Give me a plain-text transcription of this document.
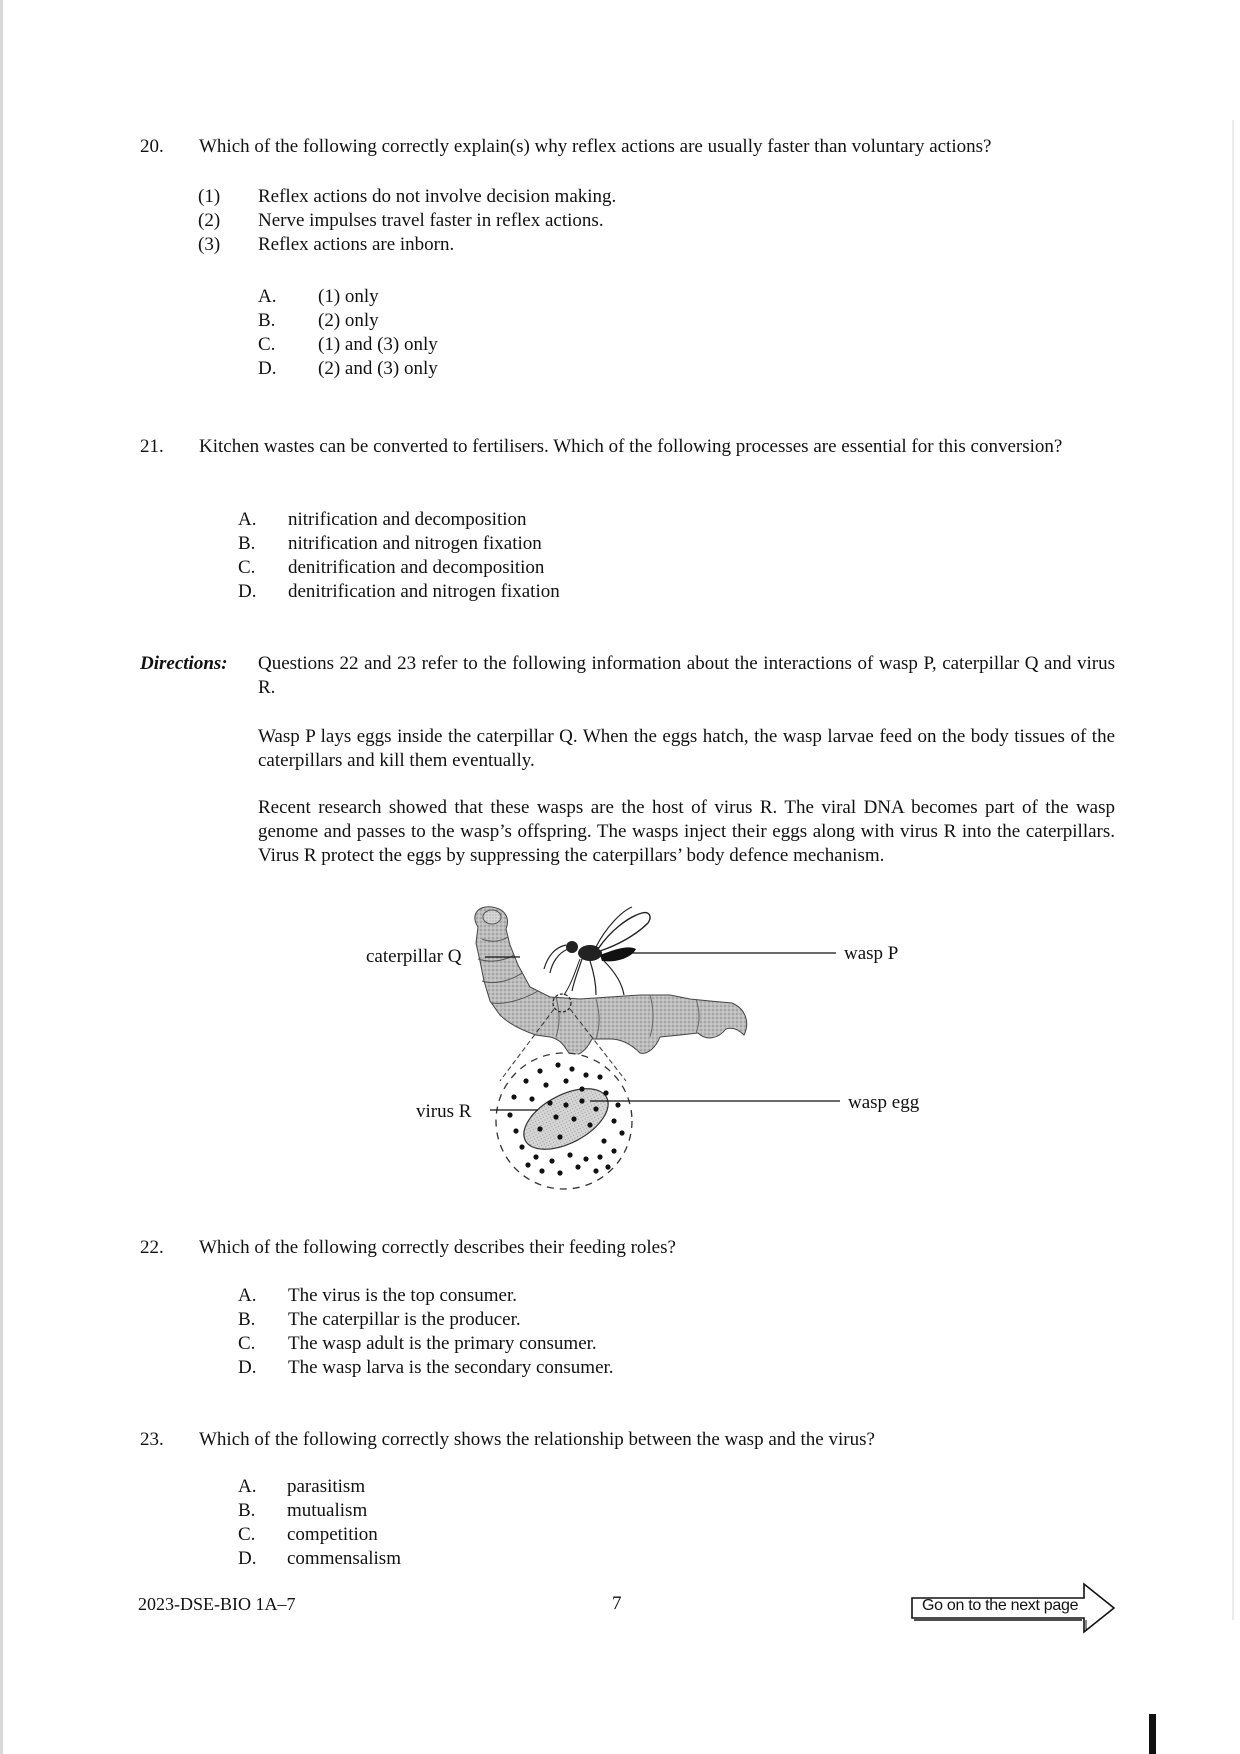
20. Which of the following correctly explain(s) why reflex actions are usually faster than voluntary actions?
(1) Reflex actions do not involve decision making.
(2) Nerve impulses travel faster in reflex actions.
(3) Reflex actions are inborn.
A. (1) only
B. (2) only
C. (1) and (3) only
D. (2) and (3) only
21. Kitchen wastes can be converted to fertilisers. Which of the following processes are essential for this conversion?
A. nitrification and decomposition
B. nitrification and nitrogen fixation
C. denitrification and decomposition
D. denitrification and nitrogen fixation
Directions: Questions 22 and 23 refer to the following information about the interactions of wasp P, caterpillar Q and virus R.
Wasp P lays eggs inside the caterpillar Q. When the eggs hatch, the wasp larvae feed on the body tissues of the caterpillars and kill them eventually.
Recent research showed that these wasps are the host of virus R. The viral DNA becomes part of the wasp genome and passes to the wasp’s offspring. The wasps inject their eggs along with virus R into the caterpillars. Virus R protect the eggs by suppressing the caterpillars’ body defence mechanism.
caterpillar Q	wasp P
virus R	wasp egg
22. Which of the following correctly describes their feeding roles?
A. The virus is the top consumer.
B. The caterpillar is the producer.
C. The wasp adult is the primary consumer.
D. The wasp larva is the secondary consumer.
23. Which of the following correctly shows the relationship between the wasp and the virus?
A. parasitism
B. mutualism
C. competition
D. commensalism
2023-DSE-BIO 1A–7	7	Go on to the next page
